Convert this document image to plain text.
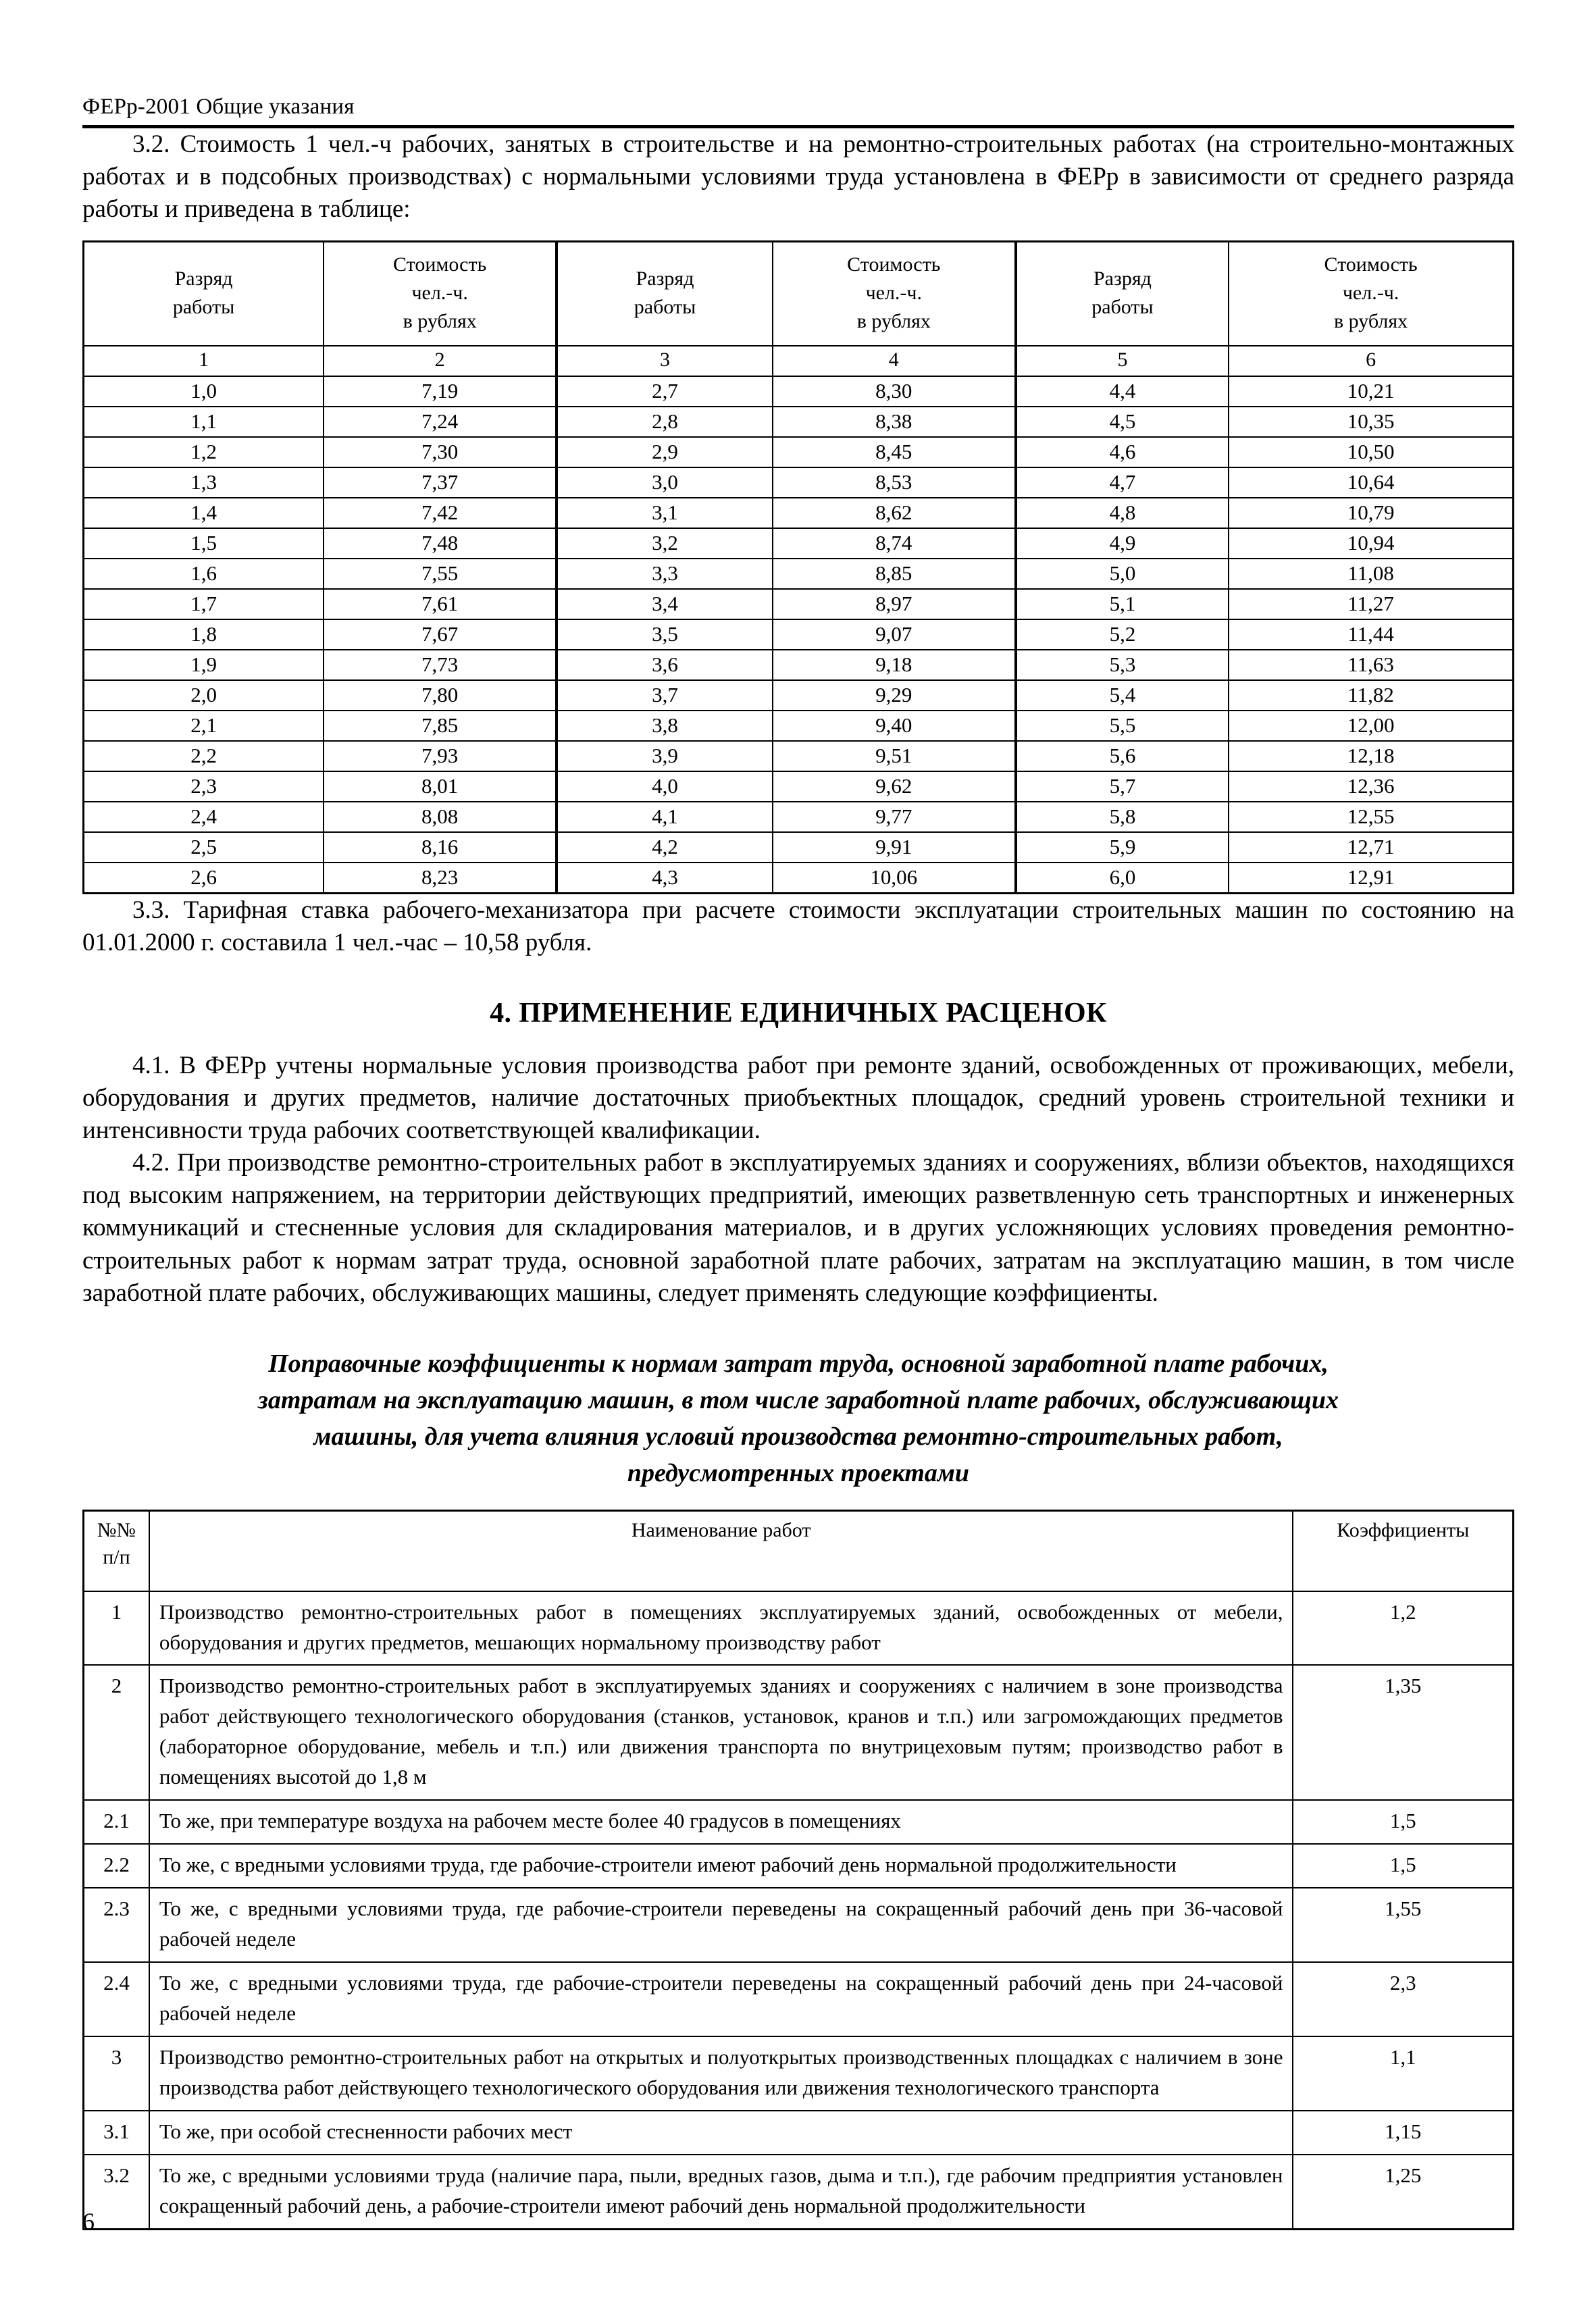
ФЕРр-2001 Общие указания

3.2. Стоимость 1 чел.-ч рабочих, занятых в строительстве и на ремонтно-строительных работах (на строительно-монтажных работах и в подсобных производствах) с нормальными условиями труда установлена в ФЕРр в зависимости от среднего разряда работы и приведена в таблице:

Разряд
работы	Стоимость
чел.-ч.
в рублях	Разряд
работы	Стоимость
чел.-ч.
в рублях	Разряд
работы	Стоимость
чел.-ч.
в рублях
1	2	3	4	5	6
1,0	7,19	2,7	8,30	4,4	10,21
1,1	7,24	2,8	8,38	4,5	10,35
1,2	7,30	2,9	8,45	4,6	10,50
1,3	7,37	3,0	8,53	4,7	10,64
1,4	7,42	3,1	8,62	4,8	10,79
1,5	7,48	3,2	8,74	4,9	10,94
1,6	7,55	3,3	8,85	5,0	11,08
1,7	7,61	3,4	8,97	5,1	11,27
1,8	7,67	3,5	9,07	5,2	11,44
1,9	7,73	3,6	9,18	5,3	11,63
2,0	7,80	3,7	9,29	5,4	11,82
2,1	7,85	3,8	9,40	5,5	12,00
2,2	7,93	3,9	9,51	5,6	12,18
2,3	8,01	4,0	9,62	5,7	12,36
2,4	8,08	4,1	9,77	5,8	12,55
2,5	8,16	4,2	9,91	5,9	12,71
2,6	8,23	4,3	10,06	6,0	12,91

3.3. Тарифная ставка рабочего-механизатора при расчете стоимости эксплуатации строительных машин по состоянию на 01.01.2000 г. составила 1 чел.-час – 10,58 рубля.

4. ПРИМЕНЕНИЕ ЕДИНИЧНЫХ РАСЦЕНОК

4.1. В ФЕРр учтены нормальные условия производства работ при ремонте зданий, освобожденных от проживающих, мебели, оборудования и других предметов, наличие достаточных приобъектных площадок, средний уровень строительной техники и интенсивности труда рабочих соответствующей квалификации.

4.2. При производстве ремонтно-строительных работ в эксплуатируемых зданиях и сооружениях, вблизи объектов, находящихся под высоким напряжением, на территории действующих предприятий, имеющих разветвленную сеть транспортных и инженерных коммуникаций и стесненные условия для складирования материалов, и в других усложняющих условиях проведения ремонтно-строительных работ к нормам затрат труда, основной заработной плате рабочих, затратам на эксплуатацию машин, в том числе заработной плате рабочих, обслуживающих машины, следует применять следующие коэффициенты.

Поправочные коэффициенты к нормам затрат труда, основной заработной плате рабочих,
затратам на эксплуатацию машин, в том числе заработной плате рабочих, обслуживающих
машины, для учета влияния условий производства ремонтно-строительных работ,
предусмотренных проектами
№№
п/п	Наименование работ	Коэффициенты
1	Производство ремонтно-строительных работ в помещениях эксплуатируемых зданий, освобожденных от мебели, оборудования и других предметов, мешающих нормальному производству работ	1,2
2	Производство ремонтно-строительных работ в эксплуатируемых зданиях и сооружениях с наличием в зоне производства работ действующего технологического оборудования (станков, установок, кранов и т.п.) или загромождающих предметов (лабораторное оборудование, мебель и т.п.) или движения транспорта по внутрицеховым путям; производство работ в помещениях высотой до 1,8 м	1,35
2.1	То же, при температуре воздуха на рабочем месте более 40 градусов в помещениях	1,5
2.2	То же, с вредными условиями труда, где рабочие-строители имеют рабочий день нормальной продолжительности	1,5
2.3	То же, с вредными условиями труда, где рабочие-строители переведены на сокращенный рабочий день при 36-часовой рабочей неделе	1,55
2.4	То же, с вредными условиями труда, где рабочие-строители переведены на сокращенный рабочий день при 24-часовой рабочей неделе	2,3
3	Производство ремонтно-строительных работ на открытых и полуоткрытых производственных площадках с наличием в зоне производства работ действующего технологического оборудования или движения технологического транспорта	1,1
3.1	То же, при особой стесненности рабочих мест	1,15
3.2	То же, с вредными условиями труда (наличие пара, пыли, вредных газов, дыма и т.п.), где рабочим предприятия установлен сокращенный рабочий день, а рабочие-строители имеют рабочий день нормальной продолжительности	1,25
6
